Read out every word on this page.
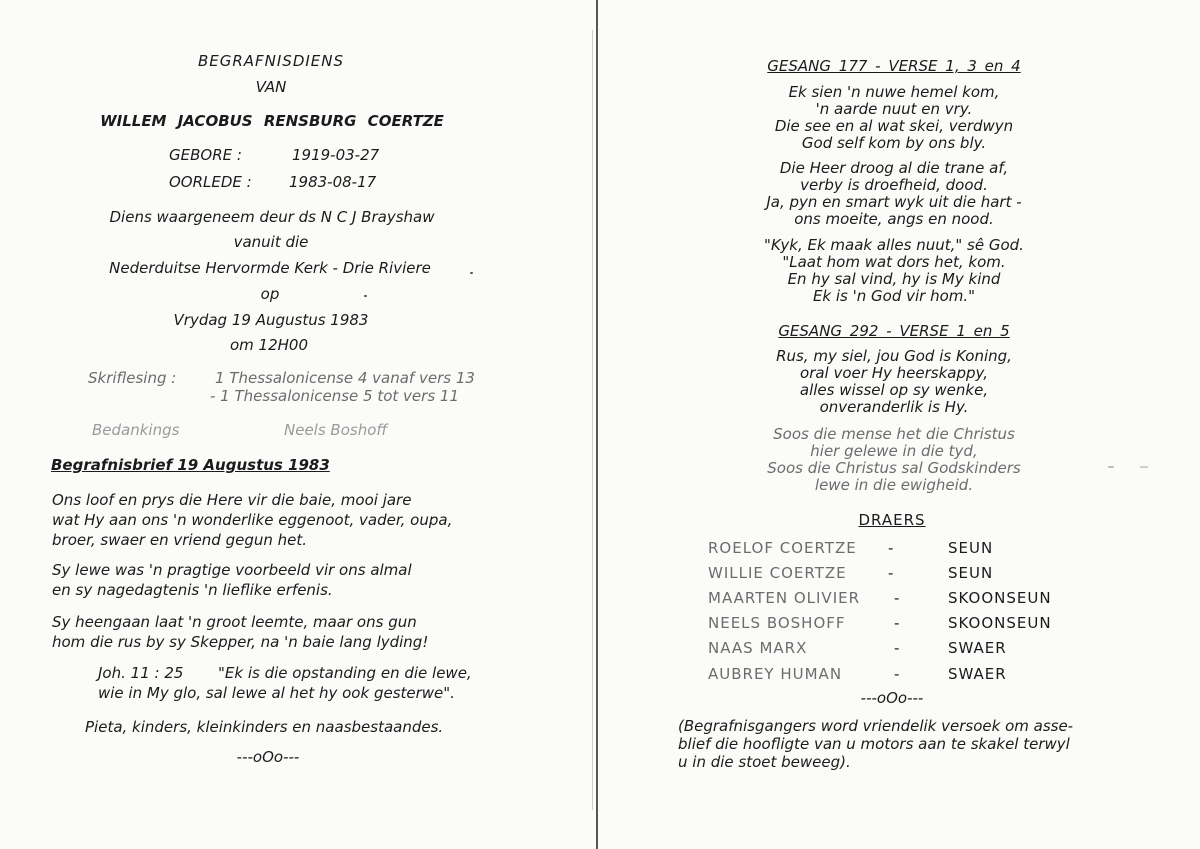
BEGRAFNISDIENS
VAN
WILLEM JACOBUS RENSBURG COERTZE
GEBORE :	1919-03-27
OORLEDE : 1983-08-17
Diens waargeneem deur ds N C J Brayshaw
vanuit die
Nederduitse Hervormde Kerk - Drie Riviere
op
Vrydag 19 Augustus 1983
om 12H00
Skriflesing :	1 Thessalonicense 4 vanaf vers 13
- 1 Thessalonicense 5 tot vers 11
Bedankings	Neels Boshoff
Begrafnisbrief 19 Augustus 1983
Ons loof en prys die Here vir die baie, mooi jare
wat Hy aan ons 'n wonderlike eggenoot, vader, oupa,
broer, swaer en vriend gegun het.
Sy lewe was 'n pragtige voorbeeld vir ons almal
en sy nagedagtenis 'n lieflike erfenis.
Sy heengaan laat 'n groot leemte, maar ons gun
hom die rus by sy Skepper, na 'n baie lang lyding!
Joh. 11 : 25 "Ek is die opstanding en die lewe,
wie in My glo, sal lewe al het hy ook gesterwe".
Pieta, kinders, kleinkinders en naasbestaandes.
---oOo---
GESANG 177 - VERSE 1, 3 en 4
Ek sien 'n nuwe hemel kom,
'n aarde nuut en vry.
Die see en al wat skei, verdwyn
God self kom by ons bly.
Die Heer droog al die trane af,
verby is droefheid, dood.
Ja, pyn en smart wyk uit die hart -
ons moeite, angs en nood.
"Kyk, Ek maak alles nuut," sê God.
"Laat hom wat dors het, kom.
En hy sal vind, hy is My kind
Ek is 'n God vir hom."
GESANG 292 - VERSE 1 en 5
Rus, my siel, jou God is Koning,
oral voer Hy heerskappy,
alles wissel op sy wenke,
onveranderlik is Hy.
Soos die mense het die Christus
hier gelewe in die tyd,
Soos die Christus sal Godskinders
lewe in die ewigheid.
DRAERS
ROELOF COERTZE -	SEUN
WILLIE COERTZE	-	SEUN
MAARTEN OLIVIER -	SKOONSEUN
NEELS BOSHOFF	-	SKOONSEUN
NAAS MARX	-	SWAER
AUBREY HUMAN	-	SWAER
---oOo---
(Begrafnisgangers word vriendelik versoek om asse-
blief die hoofligte van u motors aan te skakel terwyl
u in die stoet beweeg).
